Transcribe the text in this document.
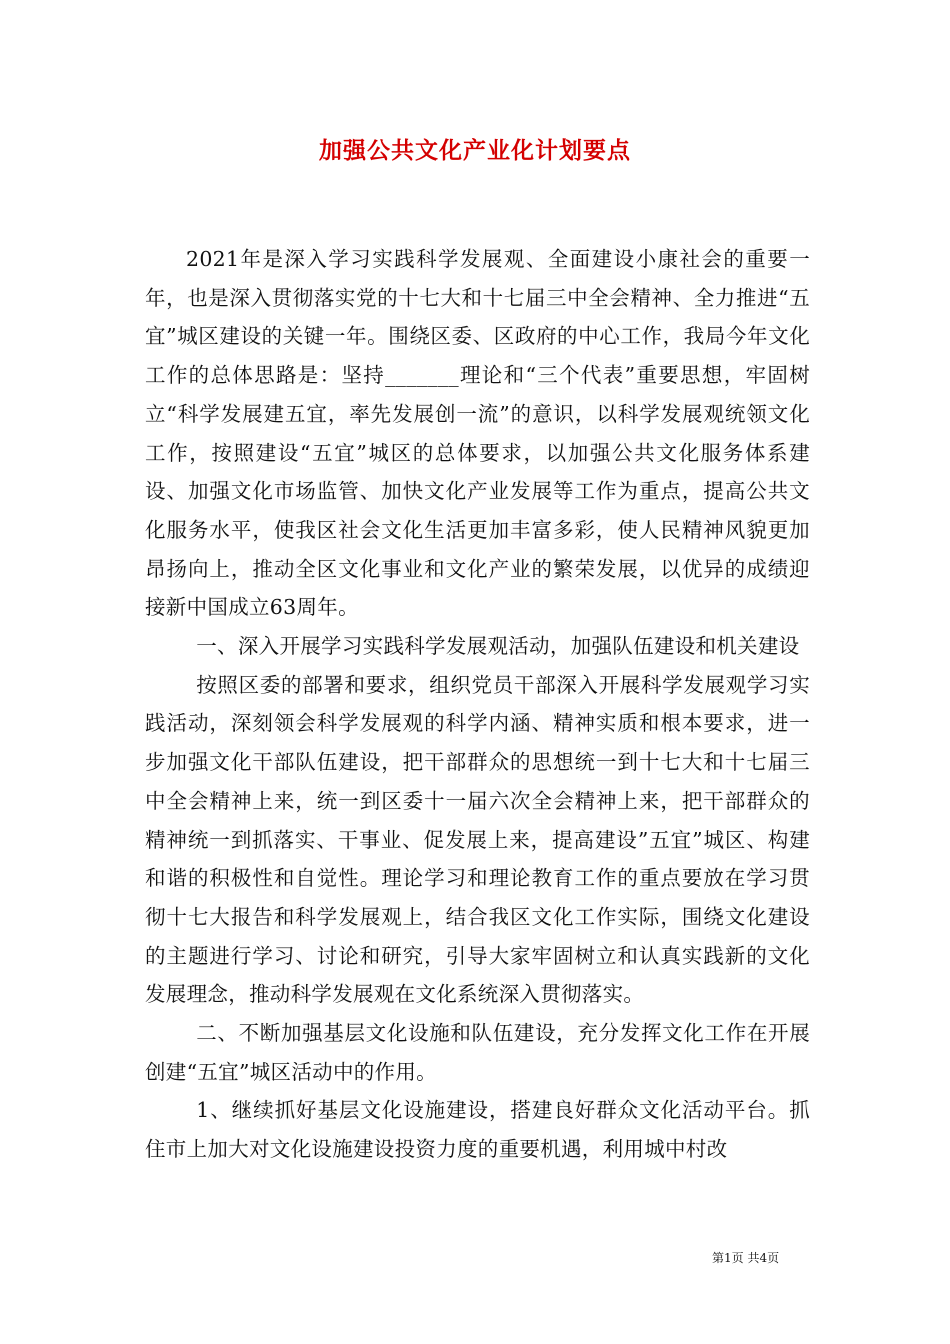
加强公共文化产业化计划要点

2021年是深入学习实践科学发展观、全面建设小康社会的重要一年，也是深入贯彻落实党的十七大和十七届三中全会精神、全力推进“五宜”城区建设的关键一年。围绕区委、区政府的中心工作，我局今年文化工作的总体思路是：坚持_______理论和“三个代表”重要思想，牢固树立“科学发展建五宜，率先发展创一流”的意识，以科学发展观统领文化工作，按照建设“五宜”城区的总体要求，以加强公共文化服务体系建设、加强文化市场监管、加快文化产业发展等工作为重点，提高公共文化服务水平，使我区社会文化生活更加丰富多彩，使人民精神风貌更加昂扬向上，推动全区文化事业和文化产业的繁荣发展，以优异的成绩迎接新中国成立63周年。

一、深入开展学习实践科学发展观活动，加强队伍建设和机关建设

按照区委的部署和要求，组织党员干部深入开展科学发展观学习实践活动，深刻领会科学发展观的科学内涵、精神实质和根本要求，进一步加强文化干部队伍建设，把干部群众的思想统一到十七大和十七届三中全会精神上来，统一到区委十一届六次全会精神上来，把干部群众的精神统一到抓落实、干事业、促发展上来，提高建设”五宜”城区、构建和谐的积极性和自觉性。理论学习和理论教育工作的重点要放在学习贯彻十七大报告和科学发展观上，结合我区文化工作实际，围绕文化建设的主题进行学习、讨论和研究，引导大家牢固树立和认真实践新的文化发展理念，推动科学发展观在文化系统深入贯彻落实。

二、不断加强基层文化设施和队伍建设，充分发挥文化工作在开展创建“五宜”城区活动中的作用。

1、继续抓好基层文化设施建设，搭建良好群众文化活动平台。抓住市上加大对文化设施建设投资力度的重要机遇，利用城中村改

第1页 共4页
